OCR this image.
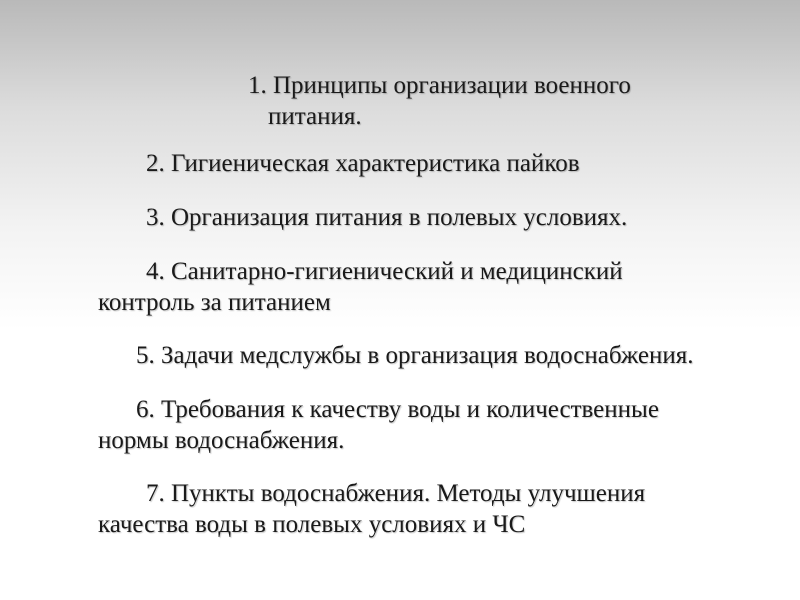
1. Принципы организации военного
питания.
2. Гигиеническая характеристика пайков
3. Организация питания в полевых условиях.
4. Санитарно-гигиенический и медицинский
контроль за питанием
5. Задачи медслужбы в организация водоснабжения.
6. Требования к качеству воды и количественные
нормы водоснабжения.
7. Пункты водоснабжения. Методы улучшения
качества воды в полевых условиях и ЧС
